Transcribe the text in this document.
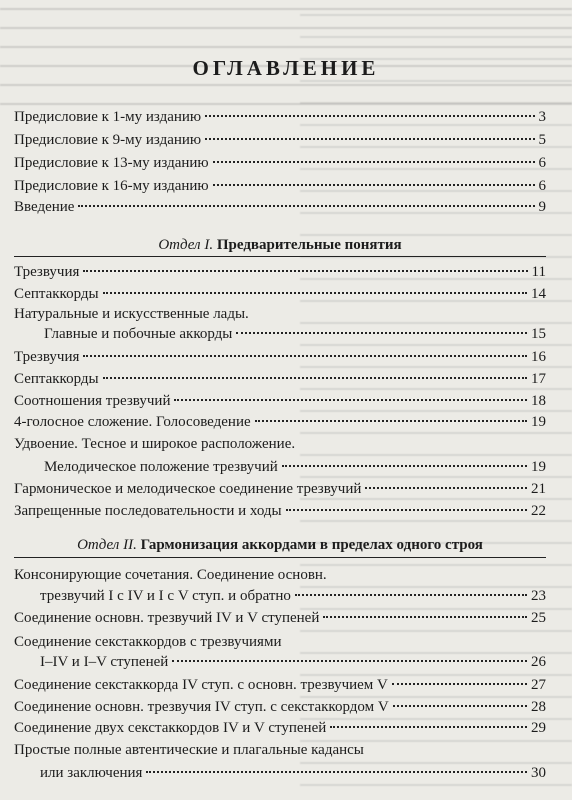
ОГЛАВЛЕНИЕ
Предисловие к 1-му изданию	3
Предисловие к 9-му изданию	5
Предисловие к 13-му изданию	6
Предисловие к 16-му изданию	6
Введение	9
Отдел I. Предварительные понятия
Трезвучия	11
Септаккорды	14
Натуральные и искусственные лады.
Главные и побочные аккорды	15
Трезвучия	16
Септаккорды	17
Соотношения трезвучий	18
4-голосное сложение. Голосоведение	19
Удвоение. Тесное и широкое расположение.
Мелодическое положение трезвучий	19
Гармоническое и мелодическое соединение трезвучий	21
Запрещенные последовательности и ходы	22
Отдел II. Гармонизация аккордами в пределах одного строя
Консонирующие сочетания. Соединение основн.
трезвучий I с IV и I с V ступ. и обратно	23
Соединение основн. трезвучий IV и V ступеней	25
Соединение секстаккордов с трезвучиями
I–IV и I–V ступеней	26
Соединение секстаккорда IV ступ. с основн. трезвучием V	27
Соединение основн. трезвучия IV ступ. с секстаккордом V	28
Соединение двух секстаккордов IV и V ступеней	29
Простые полные автентические и плагальные кадансы
или заключения	30
